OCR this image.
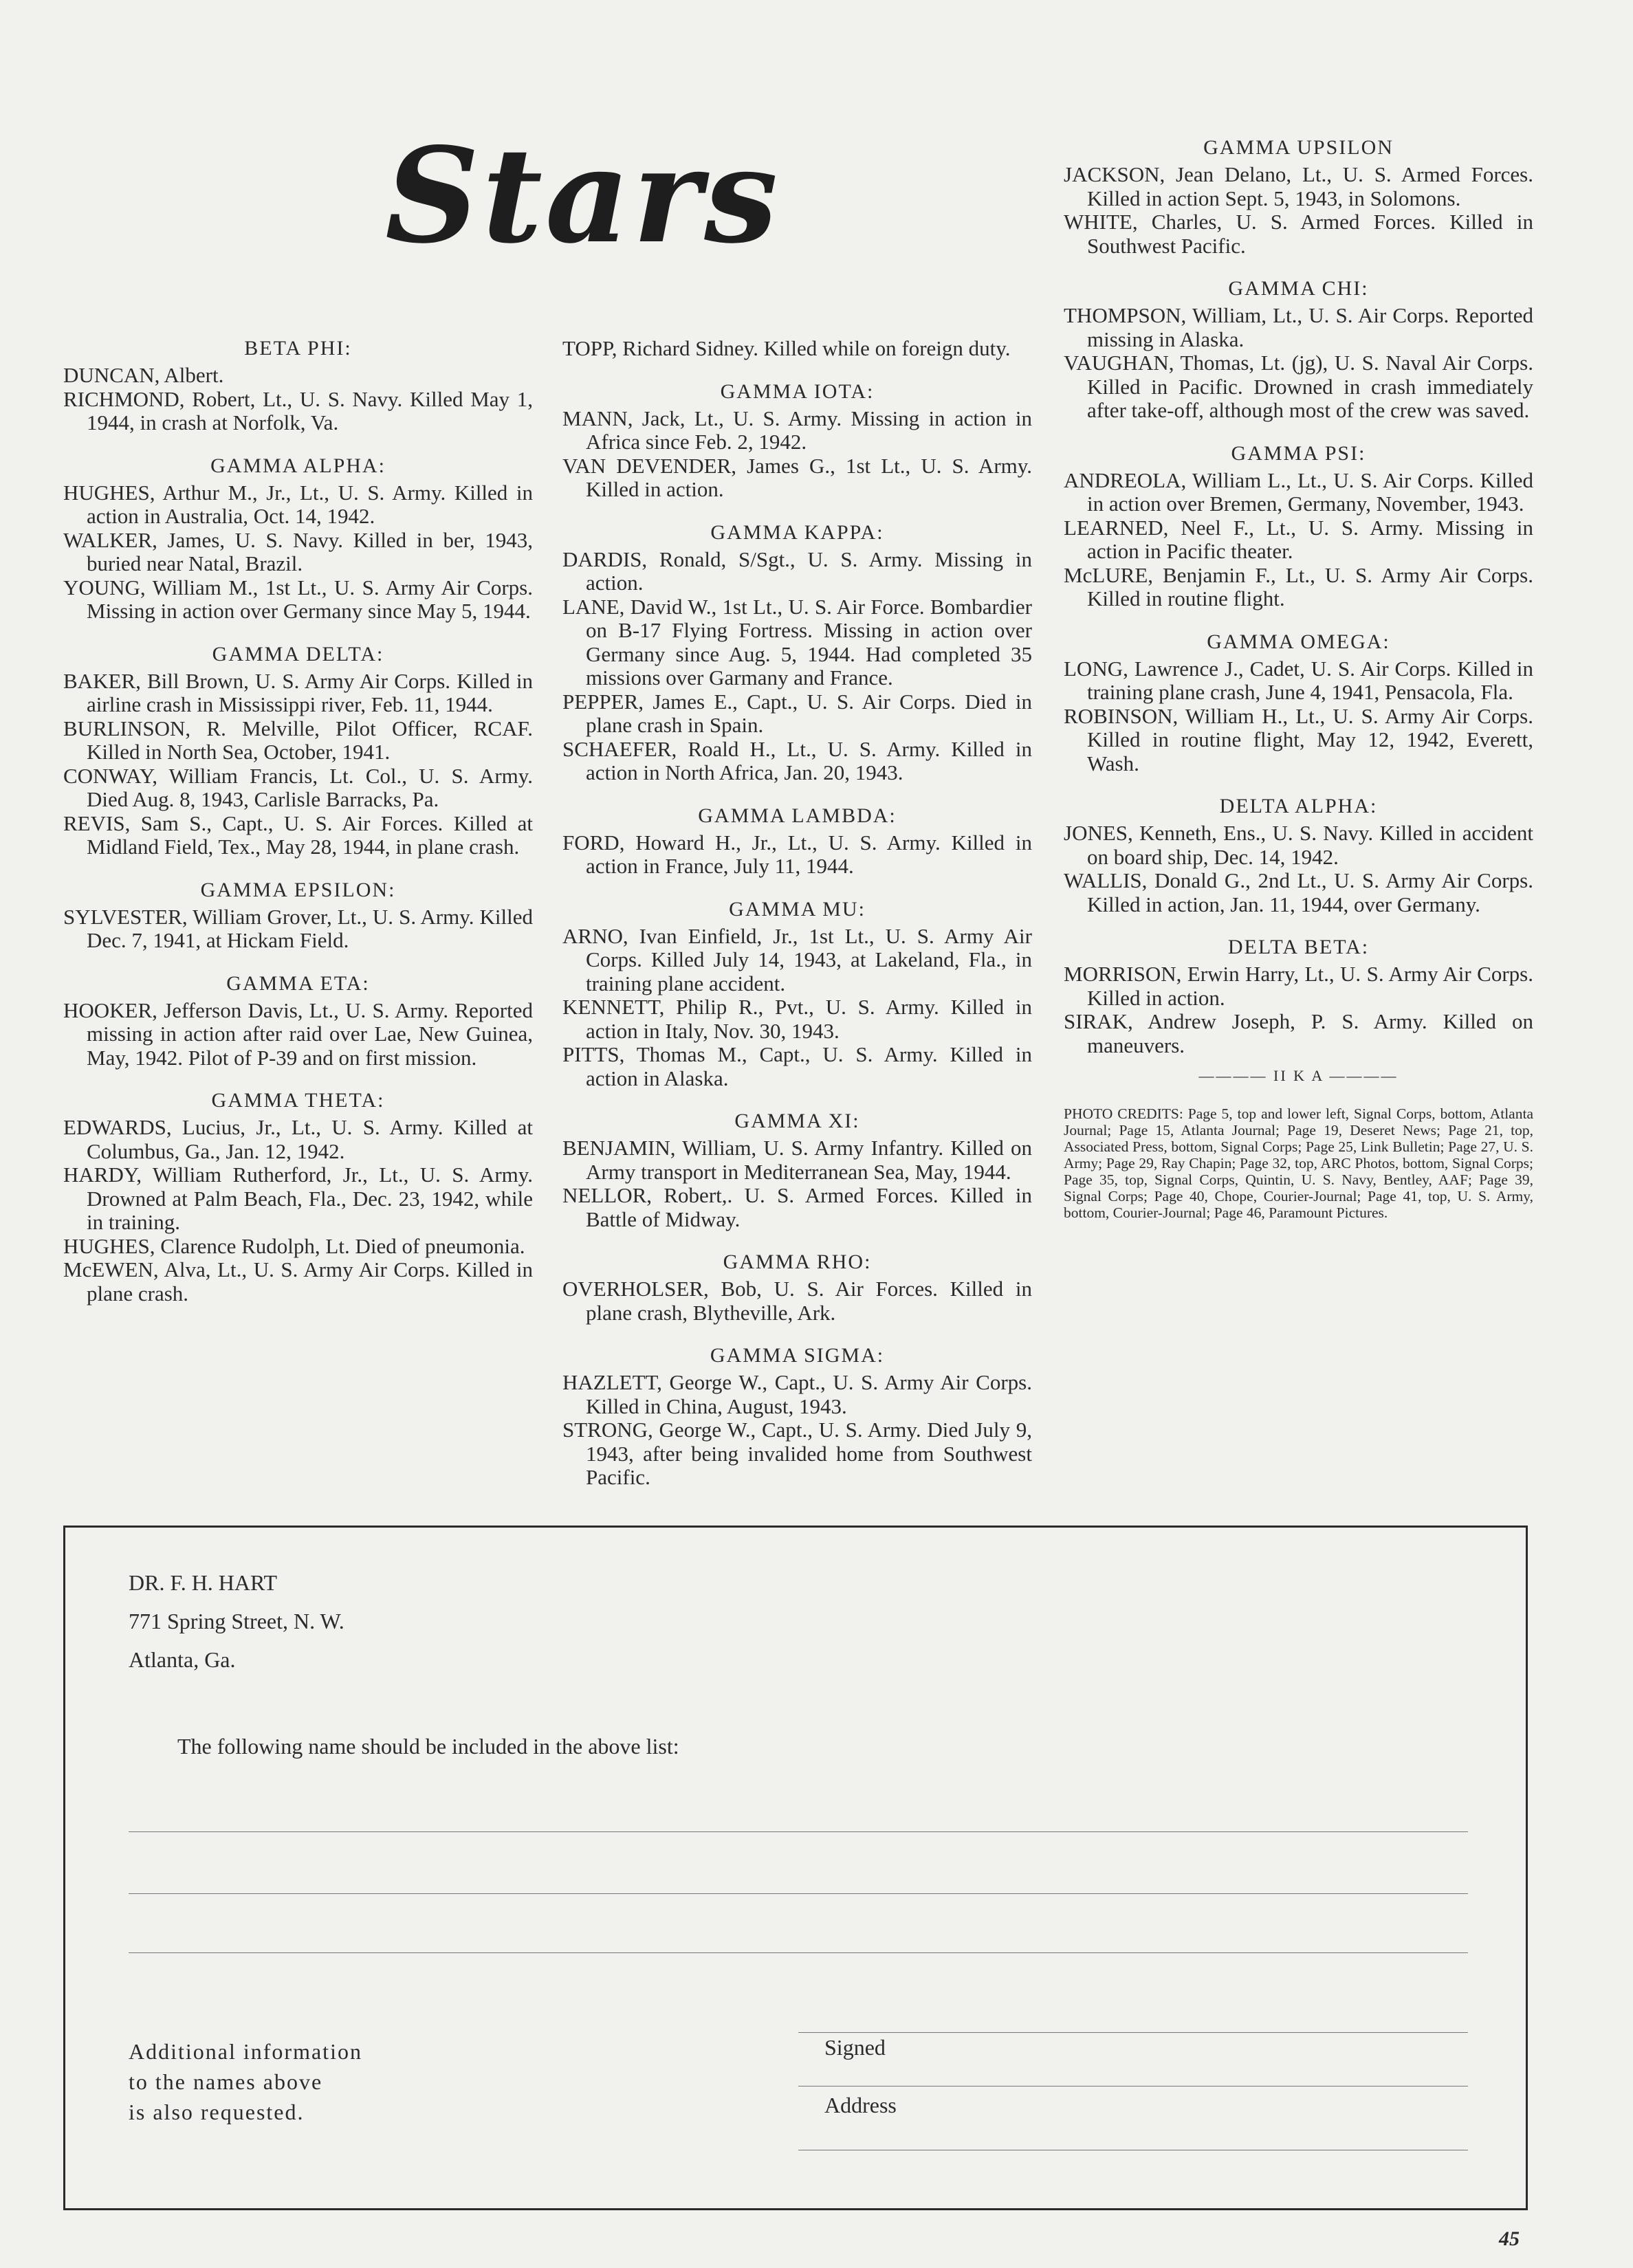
Stars
BETA PHI:
DUNCAN, Albert.
RICHMOND, Robert, Lt., U. S. Navy. Killed May 1, 1944, in crash at Norfolk, Va.
GAMMA ALPHA:
HUGHES, Arthur M., Jr., Lt., U. S. Army. Killed in action in Australia, Oct. 14, 1942.
WALKER, James, U. S. Navy. Killed in ber, 1943, buried near Natal, Brazil.
YOUNG, William M., 1st Lt., U. S. Army Air Corps. Missing in action over Germany since May 5, 1944.
GAMMA DELTA:
BAKER, Bill Brown, U. S. Army Air Corps. Killed in airline crash in Mississippi river, Feb. 11, 1944.
BURLINSON, R. Melville, Pilot Officer, RCAF. Killed in North Sea, October, 1941.
CONWAY, William Francis, Lt. Col., U. S. Army. Died Aug. 8, 1943, Carlisle Barracks, Pa.
REVIS, Sam S., Capt., U. S. Air Forces. Killed at Midland Field, Tex., May 28, 1944, in plane crash.
GAMMA EPSILON:
SYLVESTER, William Grover, Lt., U. S. Army. Killed Dec. 7, 1941, at Hickam Field.
GAMMA ETA:
HOOKER, Jefferson Davis, Lt., U. S. Army. Reported missing in action after raid over Lae, New Guinea, May, 1942. Pilot of P-39 and on first mission.
GAMMA THETA:
EDWARDS, Lucius, Jr., Lt., U. S. Army. Killed at Columbus, Ga., Jan. 12, 1942.
HARDY, William Rutherford, Jr., Lt., U. S. Army. Drowned at Palm Beach, Fla., Dec. 23, 1942, while in training.
HUGHES, Clarence Rudolph, Lt. Died of pneumonia.
McEWEN, Alva, Lt., U. S. Army Air Corps. Killed in plane crash.
TOPP, Richard Sidney. Killed while on foreign duty.
GAMMA IOTA:
MANN, Jack, Lt., U. S. Army. Missing in action in Africa since Feb. 2, 1942.
VAN DEVENDER, James G., 1st Lt., U. S. Army. Killed in action.
GAMMA KAPPA:
DARDIS, Ronald, S/Sgt., U. S. Army. Missing in action.
LANE, David W., 1st Lt., U. S. Air Force. Bombardier on B-17 Flying Fortress. Missing in action over Germany since Aug. 5, 1944. Had completed 35 missions over Garmany and France.
PEPPER, James E., Capt., U. S. Air Corps. Died in plane crash in Spain.
SCHAEFER, Roald H., Lt., U. S. Army. Killed in action in North Africa, Jan. 20, 1943.
GAMMA LAMBDA:
FORD, Howard H., Jr., Lt., U. S. Army. Killed in action in France, July 11, 1944.
GAMMA MU:
ARNO, Ivan Einfield, Jr., 1st Lt., U. S. Army Air Corps. Killed July 14, 1943, at Lakeland, Fla., in training plane accident.
KENNETT, Philip R., Pvt., U. S. Army. Killed in action in Italy, Nov. 30, 1943.
PITTS, Thomas M., Capt., U. S. Army. Killed in action in Alaska.
GAMMA XI:
BENJAMIN, William, U. S. Army Infantry. Killed on Army transport in Mediterranean Sea, May, 1944.
NELLOR, Robert,. U. S. Armed Forces. Killed in Battle of Midway.
GAMMA RHO:
OVERHOLSER, Bob, U. S. Air Forces. Killed in plane crash, Blytheville, Ark.
GAMMA SIGMA:
HAZLETT, George W., Capt., U. S. Army Air Corps. Killed in China, August, 1943.
STRONG, George W., Capt., U. S. Army. Died July 9, 1943, after being invalided home from Southwest Pacific.
GAMMA UPSILON
JACKSON, Jean Delano, Lt., U. S. Armed Forces. Killed in action Sept. 5, 1943, in Solomons.
WHITE, Charles, U. S. Armed Forces. Killed in Southwest Pacific.
GAMMA CHI:
THOMPSON, William, Lt., U. S. Air Corps. Reported missing in Alaska.
VAUGHAN, Thomas, Lt. (jg), U. S. Naval Air Corps. Killed in Pacific. Drowned in crash immediately after take-off, although most of the crew was saved.
GAMMA PSI:
ANDREOLA, William L., Lt., U. S. Air Corps. Killed in action over Bremen, Germany, November, 1943.
LEARNED, Neel F., Lt., U. S. Army. Missing in action in Pacific theater.
McLURE, Benjamin F., Lt., U. S. Army Air Corps. Killed in routine flight.
GAMMA OMEGA:
LONG, Lawrence J., Cadet, U. S. Air Corps. Killed in training plane crash, June 4, 1941, Pensacola, Fla.
ROBINSON, William H., Lt., U. S. Army Air Corps. Killed in routine flight, May 12, 1942, Everett, Wash.
DELTA ALPHA:
JONES, Kenneth, Ens., U. S. Navy. Killed in accident on board ship, Dec. 14, 1942.
WALLIS, Donald G., 2nd Lt., U. S. Army Air Corps. Killed in action, Jan. 11, 1944, over Germany.
DELTA BETA:
MORRISON, Erwin Harry, Lt., U. S. Army Air Corps. Killed in action.
SIRAK, Andrew Joseph, P. S. Army. Killed on maneuvers.
———— II K A ————
PHOTO CREDITS: Page 5, top and lower left, Signal Corps, bottom, Atlanta Journal; Page 15, Atlanta Journal; Page 19, Deseret News; Page 21, top, Associated Press, bottom, Signal Corps; Page 25, Link Bulletin; Page 27, U. S. Army; Page 29, Ray Chapin; Page 32, top, ARC Photos, bottom, Signal Corps; Page 35, top, Signal Corps, Quintin, U. S. Navy, Bentley, AAF; Page 39, Signal Corps; Page 40, Chope, Courier-Journal; Page 41, top, U. S. Army, bottom, Courier-Journal; Page 46, Paramount Pictures.
DR. F. H. HART
771 Spring Street, N. W.
Atlanta, Ga.
The following name should be included in the above list:
Additional information
to the names above
is also requested.
Signed
Address
45
